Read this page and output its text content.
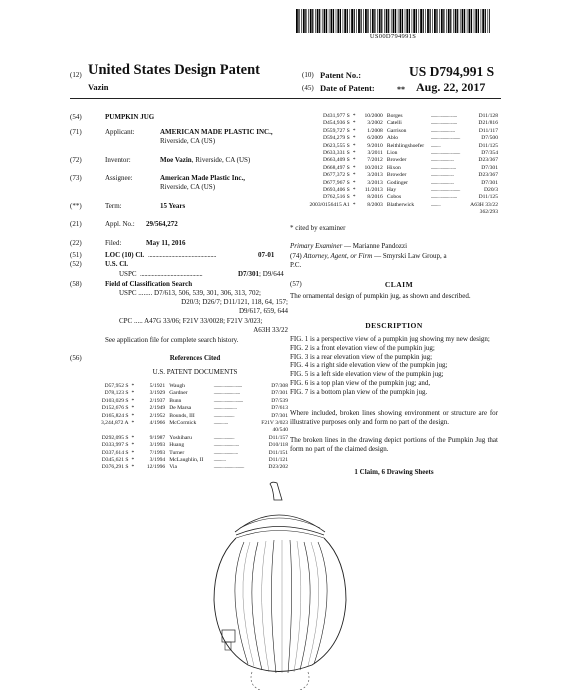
US00D794991S
(12) United States Design Patent	(10) Patent No.:	US D794,991 S
Vazin	(45) Date of Patent:	** Aug. 22, 2017
(54)	PUMPKIN JUG
(71)	Applicant:	AMERICAN MADE PLASTIC INC.,
Riverside, CA (US)
(72)	Inventor:	Moe Vazin, Riverside, CA (US)
(73)	Assignee:	American Made Plastic Inc.,
Riverside, CA (US)
(**)	Term:	15 Years
(21)	Appl. No.: 29/564,272
(22)	Filed:	May 11, 2016
(51)	LOC (10) Cl. ...............................................	07-01
(52)	U.S. Cl.
USPC ...........................................	D7/301; D9/644
(58)	Field of Classification Search
USPC ........ D7/613, 506, 539, 301, 306, 313, 702;
D20/3; D26/7; D11/121, 118, 64, 157;
D9/617, 659, 644
CPC ..... A47G 33/06; F21V 33/0028; F21V 3/023;
A63H 33/22
See application file for complete search history.
(56)	References Cited
U.S. PATENT DOCUMENTS
D57,952 S	*	5/1921	Waugh	..........................	D7/308
D78,123 S	*	3/1929	Gardner	........................	D7/301
D103,029 S	*	2/1937	Bunn	...........................	D7/539
D152,676 S	*	2/1949	De Marsa	.....................	D7/613
D165,824 S	*	2/1952	Bounds, III	...................	D7/301
3,244,872 A	*	4/1966	McCormick	.............	F21V 3/023
					40/540
D292,095 S	*	9/1987	Yoshiharu	...................	D11/157
D333,997 S	*	3/1993	Huang	.......................	D10/118
D337,614 S	*	7/1993	Turner	......................	D11/151
D345,621 S	*	3/1994	McLaughlin, II	...........	D11/121
D376,291 S	*	12/1996	Via	............................	D23/202
D431,977 S	*	10/2000	Borges	........................	D11/128
D454,936 S	*	3/2002	Catelli	........................	D21/816
D559,727 S	*	1/2008	Garrison	......................	D11/117
D594,279 S	*	6/2009	Ablo	...........................	D7/500
D623,555 S	*	9/2010	Reithlingshoefer	.........	D11/125
D633,331 S	*	3/2011	Lion	...........................	D7/354
D663,409 S	*	7/2012	Browder	.....................	D23/367
D668,497 S	*	10/2012	Hixon	.......................	D7/301
D677,372 S	*	3/2013	Browder	.....................	D23/367
D677,967 S	*	3/2013	Godinger	.....................	D7/301
D693,406 S	*	11/2013	Hay	...........................	D20/3
D762,516 S	*	8/2016	Cobos	........................	D11/125
2003/0156415 A1	*	8/2003	Blatherwick	.........	A63H 33/22
					362/293
* cited by examiner
Primary Examiner — Marianne Pandozzi
(74) Attorney, Agent, or Firm — Smyrski Law Group, a
P.C.
(57)	CLAIM
The ornamental design of pumpkin jug, as shown and described.
DESCRIPTION
FIG. 1 is a perspective view of a pumpkin jug showing my new design;
FIG. 2 is a front elevation view of the pumpkin jug;
FIG. 3 is a rear elevation view of the pumpkin jug;
FIG. 4 is a right side elevation view of the pumpkin jug;
FIG. 5 is a left side elevation view of the pumpkin jug;
FIG. 6 is a top plan view of the pumpkin jug; and,
FIG. 7 is a bottom plan view of the pumpkin jug.
Where included, broken lines showing environment or structure are for illustrative purposes only and form no part of the design.
The broken lines in the drawing depict portions of the Pumpkin Jug that form no part of the claimed design.
1 Claim, 6 Drawing Sheets
